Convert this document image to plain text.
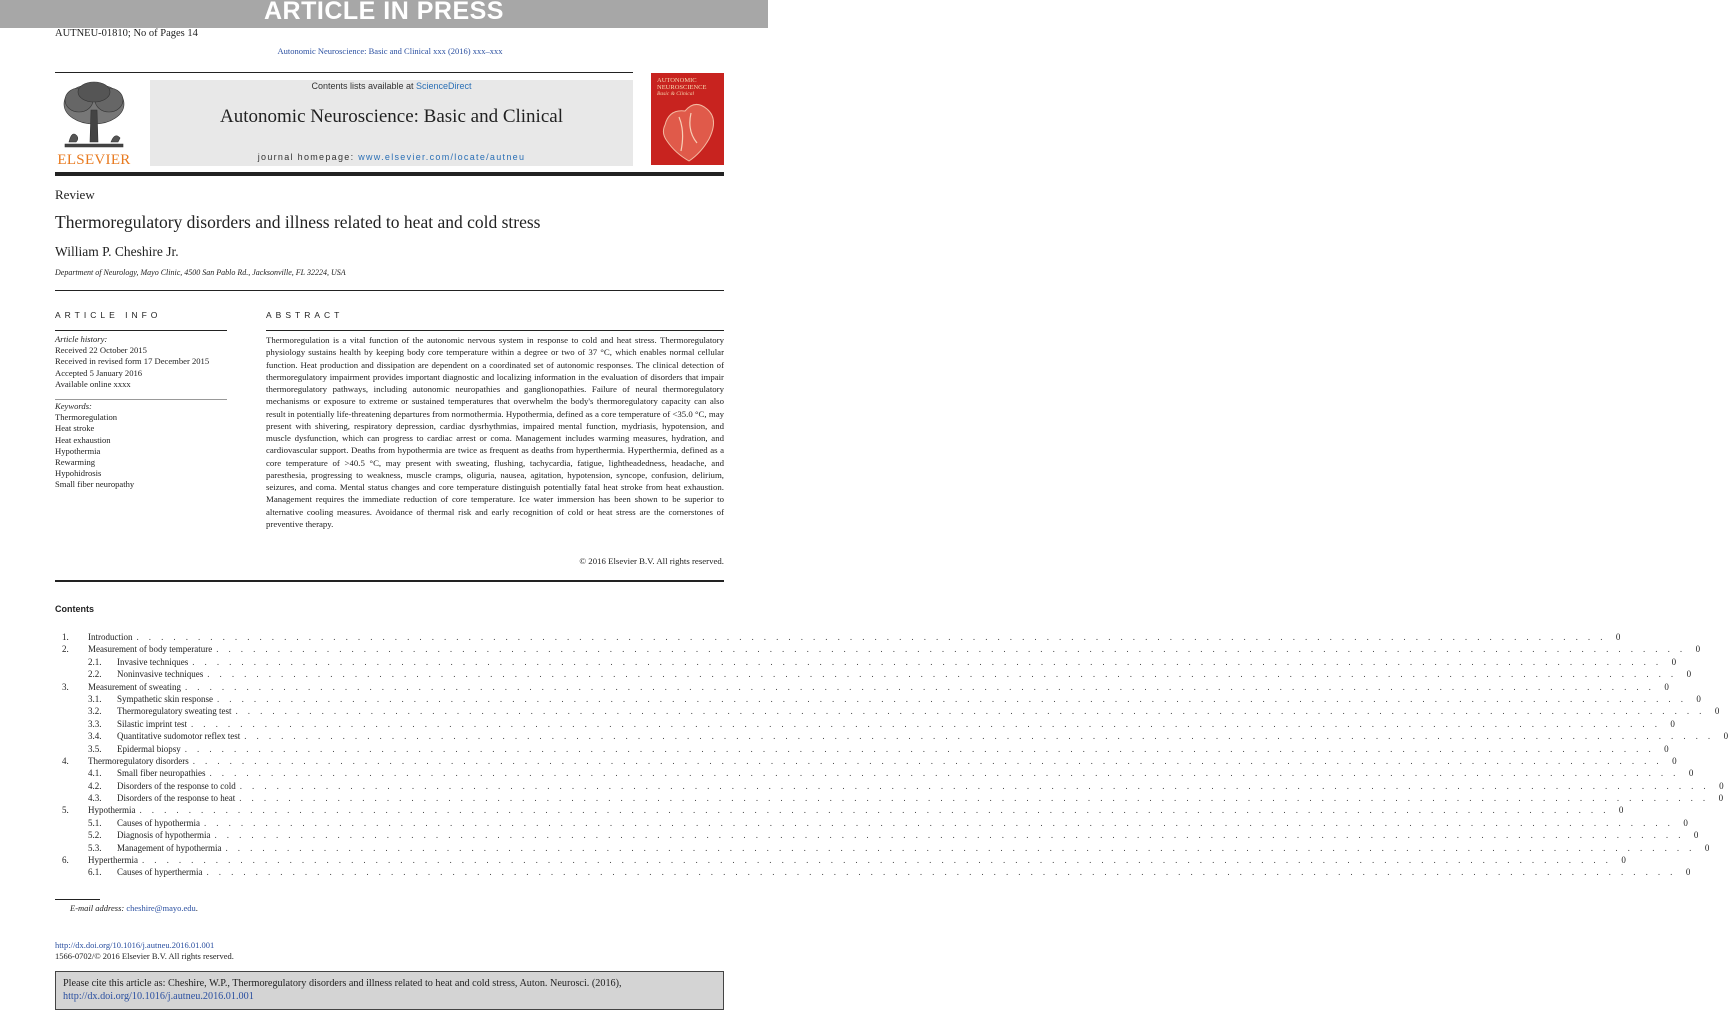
ARTICLE IN PRESS
AUTNEU-01810; No of Pages 14
Autonomic Neuroscience: Basic and Clinical xxx (2016) xxx–xxx
ELSEVIER
Contents lists available at ScienceDirect
Autonomic Neuroscience: Basic and Clinical
journal homepage: www.elsevier.com/locate/autneu
AUTONOMIC
NEUROSCIENCE
Basic & Clinical
Review
Thermoregulatory disorders and illness related to heat and cold stress
William P. Cheshire Jr.
Department of Neurology, Mayo Clinic, 4500 San Pablo Rd., Jacksonville, FL 32224, USA
ARTICLE INFO	ABSTRACT
Article history:
Received 22 October 2015
Received in revised form 17 December 2015
Accepted 5 January 2016
Available online xxxx
Keywords:
Thermoregulation
Heat stroke
Heat exhaustion
Hypothermia
Rewarming
Hypohidrosis
Small fiber neuropathy
Thermoregulation is a vital function of the autonomic nervous system in response to cold and heat stress. Thermoregulatory physiology sustains health by keeping body core temperature within a degree or two of 37 °C, which enables normal cellular function. Heat production and dissipation are dependent on a coordinated set of autonomic responses. The clinical detection of thermoregulatory impairment provides important diagnostic and localizing information in the evaluation of disorders that impair thermoregulatory pathways, including autonomic neuropathies and ganglionopathies. Failure of neural thermoregulatory mechanisms or exposure to extreme or sustained temperatures that overwhelm the body's thermoregulatory capacity can also result in potentially life-threatening departures from normothermia. Hypothermia, defined as a core temperature of <35.0 °C, may present with shivering, respiratory depression, cardiac dysrhythmias, impaired mental function, mydriasis, hypotension, and muscle dysfunction, which can progress to cardiac arrest or coma. Management includes warming measures, hydration, and cardiovascular support. Deaths from hypothermia are twice as frequent as deaths from hyperthermia. Hyperthermia, defined as a core temperature of >40.5 °C, may present with sweating, flushing, tachycardia, fatigue, lightheadedness, headache, and paresthesia, progressing to weakness, muscle cramps, oliguria, nausea, agitation, hypotension, syncope, confusion, delirium, seizures, and coma. Mental status changes and core temperature distinguish potentially fatal heat stroke from heat exhaustion. Management requires the immediate reduction of core temperature. Ice water immersion has been shown to be superior to alternative cooling measures. Avoidance of thermal risk and early recognition of cold or heat stress are the cornerstones of preventive therapy.
© 2016 Elsevier B.V. All rights reserved.
Contents
1.	Introduction . . . . . . . . . . . . . . . . . . . . . . . . . . . . . . . . . . . . . . . . . . . . . . . . . . . . . . . . . . . . . . . . . . . . . . . . . . . . . . . . . . . . . . . . . . . . . . . . . . . . . . . . . . . . . . . . . . . . . . . .	0
2.	Measurement of body temperature . . . . . . . . . . . . . . . . . . . . . . . . . . . . . . . . . . . . . . . . . . . . . . . . . . . . . . . . . . . . . . . . . . . . . . . . . . . . . . . . . . . . . . . . . . . . . . . . . . . . . . . . . . . . . . . . . . . . . . . .	0
2.1.	Invasive techniques . . . . . . . . . . . . . . . . . . . . . . . . . . . . . . . . . . . . . . . . . . . . . . . . . . . . . . . . . . . . . . . . . . . . . . . . . . . . . . . . . . . . . . . . . . . . . . . . . . . . . . . . . . . . . . . . . . . . . . . .	0
2.2.	Noninvasive techniques . . . . . . . . . . . . . . . . . . . . . . . . . . . . . . . . . . . . . . . . . . . . . . . . . . . . . . . . . . . . . . . . . . . . . . . . . . . . . . . . . . . . . . . . . . . . . . . . . . . . . . . . . . . . . . . . . . . . . . . .	0
3.	Measurement of sweating . . . . . . . . . . . . . . . . . . . . . . . . . . . . . . . . . . . . . . . . . . . . . . . . . . . . . . . . . . . . . . . . . . . . . . . . . . . . . . . . . . . . . . . . . . . . . . . . . . . . . . . . . . . . . . . . . . . . . . . .	0
3.1.	Sympathetic skin response . . . . . . . . . . . . . . . . . . . . . . . . . . . . . . . . . . . . . . . . . . . . . . . . . . . . . . . . . . . . . . . . . . . . . . . . . . . . . . . . . . . . . . . . . . . . . . . . . . . . . . . . . . . . . . . . . . . . . . . .	0
3.2.	Thermoregulatory sweating test . . . . . . . . . . . . . . . . . . . . . . . . . . . . . . . . . . . . . . . . . . . . . . . . . . . . . . . . . . . . . . . . . . . . . . . . . . . . . . . . . . . . . . . . . . . . . . . . . . . . . . . . . . . . . . . . . . . . . . . .	0
3.3.	Silastic imprint test . . . . . . . . . . . . . . . . . . . . . . . . . . . . . . . . . . . . . . . . . . . . . . . . . . . . . . . . . . . . . . . . . . . . . . . . . . . . . . . . . . . . . . . . . . . . . . . . . . . . . . . . . . . . . . . . . . . . . . . .	0
3.4.	Quantitative sudomotor reflex test . . . . . . . . . . . . . . . . . . . . . . . . . . . . . . . . . . . . . . . . . . . . . . . . . . . . . . . . . . . . . . . . . . . . . . . . . . . . . . . . . . . . . . . . . . . . . . . . . . . . . . . . . . . . . . . . . . . . . . . .	0
3.5.	Epidermal biopsy . . . . . . . . . . . . . . . . . . . . . . . . . . . . . . . . . . . . . . . . . . . . . . . . . . . . . . . . . . . . . . . . . . . . . . . . . . . . . . . . . . . . . . . . . . . . . . . . . . . . . . . . . . . . . . . . . . . . . . . .	0
4.	Thermoregulatory disorders . . . . . . . . . . . . . . . . . . . . . . . . . . . . . . . . . . . . . . . . . . . . . . . . . . . . . . . . . . . . . . . . . . . . . . . . . . . . . . . . . . . . . . . . . . . . . . . . . . . . . . . . . . . . . . . . . . . . . . . .	0
4.1.	Small fiber neuropathies . . . . . . . . . . . . . . . . . . . . . . . . . . . . . . . . . . . . . . . . . . . . . . . . . . . . . . . . . . . . . . . . . . . . . . . . . . . . . . . . . . . . . . . . . . . . . . . . . . . . . . . . . . . . . . . . . . . . . . . .	0
4.2.	Disorders of the response to cold . . . . . . . . . . . . . . . . . . . . . . . . . . . . . . . . . . . . . . . . . . . . . . . . . . . . . . . . . . . . . . . . . . . . . . . . . . . . . . . . . . . . . . . . . . . . . . . . . . . . . . . . . . . . . . . . . . . . . . . .	0
4.3.	Disorders of the response to heat . . . . . . . . . . . . . . . . . . . . . . . . . . . . . . . . . . . . . . . . . . . . . . . . . . . . . . . . . . . . . . . . . . . . . . . . . . . . . . . . . . . . . . . . . . . . . . . . . . . . . . . . . . . . . . . . . . . . . . . .	0
5.	Hypothermia . . . . . . . . . . . . . . . . . . . . . . . . . . . . . . . . . . . . . . . . . . . . . . . . . . . . . . . . . . . . . . . . . . . . . . . . . . . . . . . . . . . . . . . . . . . . . . . . . . . . . . . . . . . . . . . . . . . . . . . .	0
5.1.	Causes of hypothermia . . . . . . . . . . . . . . . . . . . . . . . . . . . . . . . . . . . . . . . . . . . . . . . . . . . . . . . . . . . . . . . . . . . . . . . . . . . . . . . . . . . . . . . . . . . . . . . . . . . . . . . . . . . . . . . . . . . . . . . .	0
5.2.	Diagnosis of hypothermia . . . . . . . . . . . . . . . . . . . . . . . . . . . . . . . . . . . . . . . . . . . . . . . . . . . . . . . . . . . . . . . . . . . . . . . . . . . . . . . . . . . . . . . . . . . . . . . . . . . . . . . . . . . . . . . . . . . . . . . .	0
5.3.	Management of hypothermia . . . . . . . . . . . . . . . . . . . . . . . . . . . . . . . . . . . . . . . . . . . . . . . . . . . . . . . . . . . . . . . . . . . . . . . . . . . . . . . . . . . . . . . . . . . . . . . . . . . . . . . . . . . . . . . . . . . . . . . .	0
6.	Hyperthermia . . . . . . . . . . . . . . . . . . . . . . . . . . . . . . . . . . . . . . . . . . . . . . . . . . . . . . . . . . . . . . . . . . . . . . . . . . . . . . . . . . . . . . . . . . . . . . . . . . . . . . . . . . . . . . . . . . . . . . . .	0
6.1.	Causes of hyperthermia . . . . . . . . . . . . . . . . . . . . . . . . . . . . . . . . . . . . . . . . . . . . . . . . . . . . . . . . . . . . . . . . . . . . . . . . . . . . . . . . . . . . . . . . . . . . . . . . . . . . . . . . . . . . . . . . . . . . . . . .	0
E-mail address: cheshire@mayo.edu.
http://dx.doi.org/10.1016/j.autneu.2016.01.001
1566-0702/© 2016 Elsevier B.V. All rights reserved.
Please cite this article as: Cheshire, W.P., Thermoregulatory disorders and illness related to heat and cold stress, Auton. Neurosci. (2016), http://dx.doi.org/10.1016/j.autneu.2016.01.001
